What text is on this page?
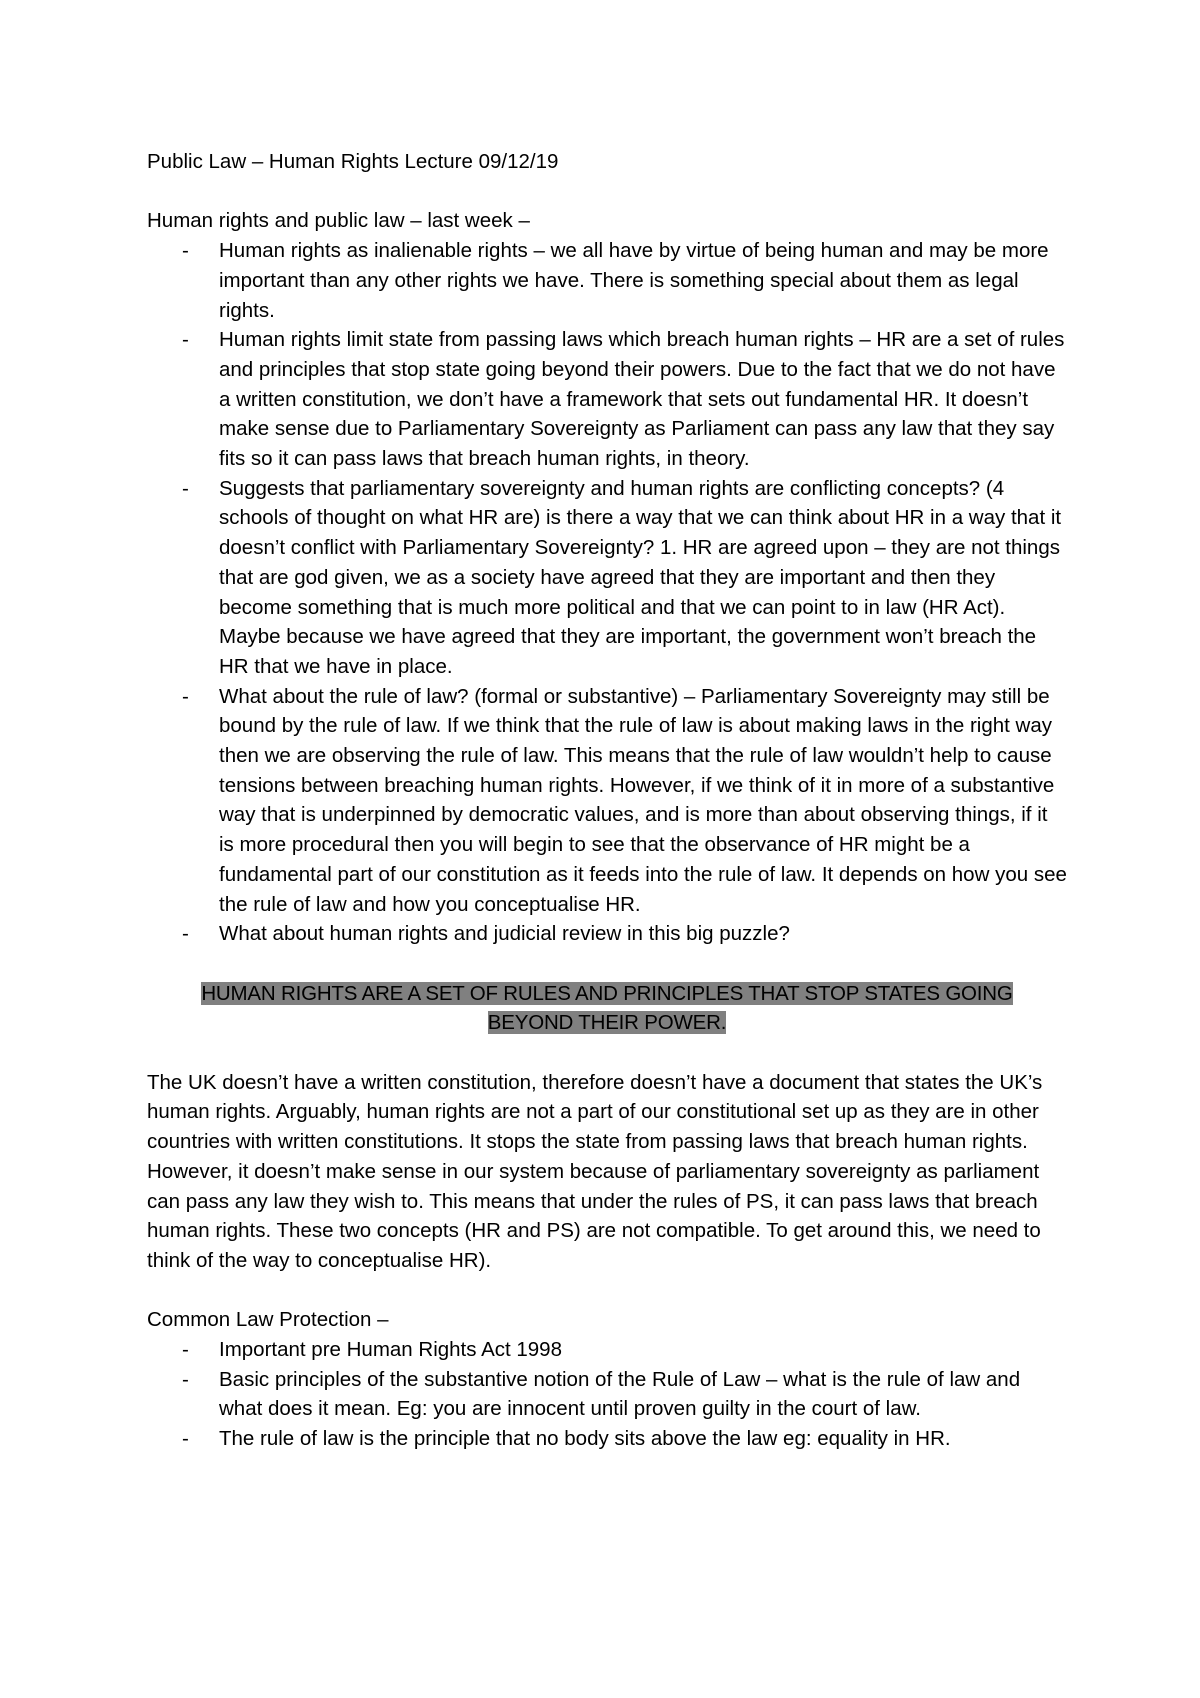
Public Law – Human Rights Lecture 09/12/19

Human rights and public law – last week –

- Human rights as inalienable rights – we all have by virtue of being human and may be more important than any other rights we have. There is something special about them as legal rights.
- Human rights limit state from passing laws which breach human rights – HR are a set of rules and principles that stop state going beyond their powers. Due to the fact that we do not have a written constitution, we don’t have a framework that sets out fundamental HR. It doesn’t make sense due to Parliamentary Sovereignty as Parliament can pass any law that they say fits so it can pass laws that breach human rights, in theory.
- Suggests that parliamentary sovereignty and human rights are conflicting concepts? (4 schools of thought on what HR are) is there a way that we can think about HR in a way that it doesn’t conflict with Parliamentary Sovereignty? 1. HR are agreed upon – they are not things that are god given, we as a society have agreed that they are important and then they become something that is much more political and that we can point to in law (HR Act). Maybe because we have agreed that they are important, the government won’t breach the HR that we have in place.
- What about the rule of law? (formal or substantive) – Parliamentary Sovereignty may still be bound by the rule of law. If we think that the rule of law is about making laws in the right way then we are observing the rule of law. This means that the rule of law wouldn’t help to cause tensions between breaching human rights. However, if we think of it in more of a substantive way that is underpinned by democratic values, and is more than about observing things, if it is more procedural then you will begin to see that the observance of HR might be a fundamental part of our constitution as it feeds into the rule of law. It depends on how you see the rule of law and how you conceptualise HR.
- What about human rights and judicial review in this big puzzle?

HUMAN RIGHTS ARE A SET OF RULES AND PRINCIPLES THAT STOP STATES GOING BEYOND THEIR POWER.

The UK doesn’t have a written constitution, therefore doesn’t have a document that states the UK’s human rights. Arguably, human rights are not a part of our constitutional set up as they are in other countries with written constitutions. It stops the state from passing laws that breach human rights. However, it doesn’t make sense in our system because of parliamentary sovereignty as parliament can pass any law they wish to. This means that under the rules of PS, it can pass laws that breach human rights. These two concepts (HR and PS) are not compatible. To get around this, we need to think of the way to conceptualise HR).

Common Law Protection –

- Important pre Human Rights Act 1998
- Basic principles of the substantive notion of the Rule of Law – what is the rule of law and what does it mean. Eg: you are innocent until proven guilty in the court of law.
- The rule of law is the principle that no body sits above the law eg: equality in HR.
